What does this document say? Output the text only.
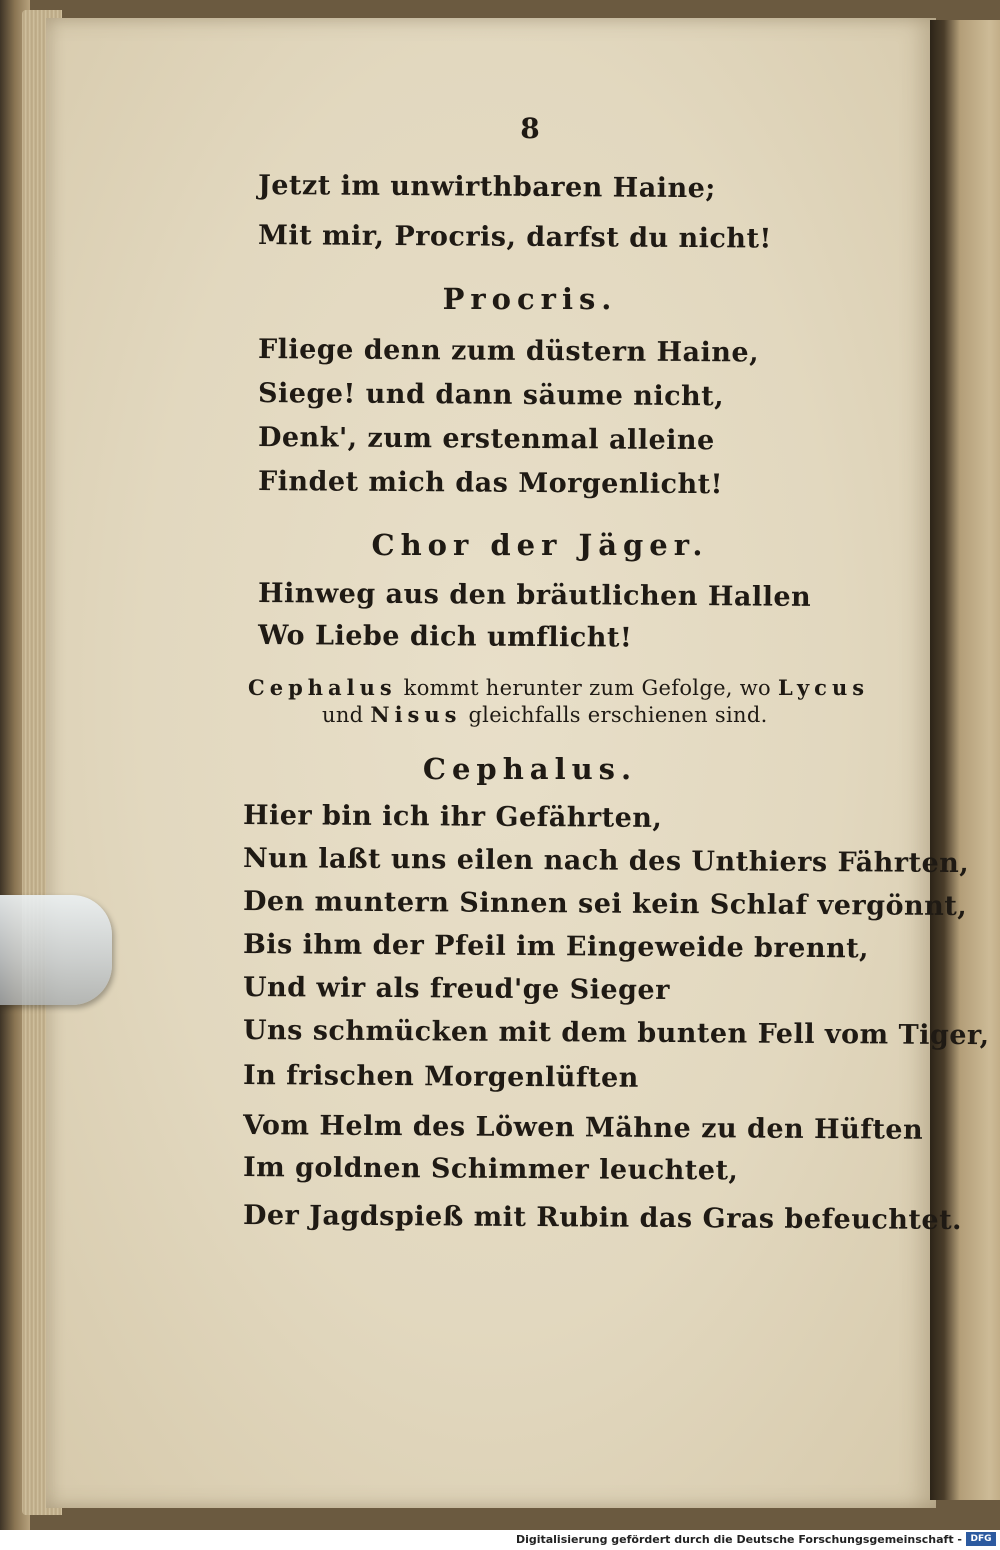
8
Jetzt im unwirthbaren Haine;
Mit mir, Procris, darfst du nicht!
Procris.
Fliege denn zum düstern Haine,
Siege! und dann säume nicht,
Denk', zum erstenmal alleine
Findet mich das Morgenlicht!
Chor der Jäger.
Hinweg aus den bräutlichen Hallen
Wo Liebe dich umflicht!
Cephalus kommt herunter zum Gefolge, wo Lycus
und Nisus gleichfalls erschienen sind.
Cephalus.
Hier bin ich ihr Gefährten,
Nun laßt uns eilen nach des Unthiers Fährten,
Den muntern Sinnen sei kein Schlaf vergönnt,
Bis ihm der Pfeil im Eingeweide brennt,
Und wir als freud'ge Sieger
Uns schmücken mit dem bunten Fell vom Tiger,
In frischen Morgenlüften
Vom Helm des Löwen Mähne zu den Hüften
Im goldnen Schimmer leuchtet,
Der Jagdspieß mit Rubin das Gras befeuchtet.
Digitalisierung gefördert durch die Deutsche Forschungsgemeinschaft - DFG
